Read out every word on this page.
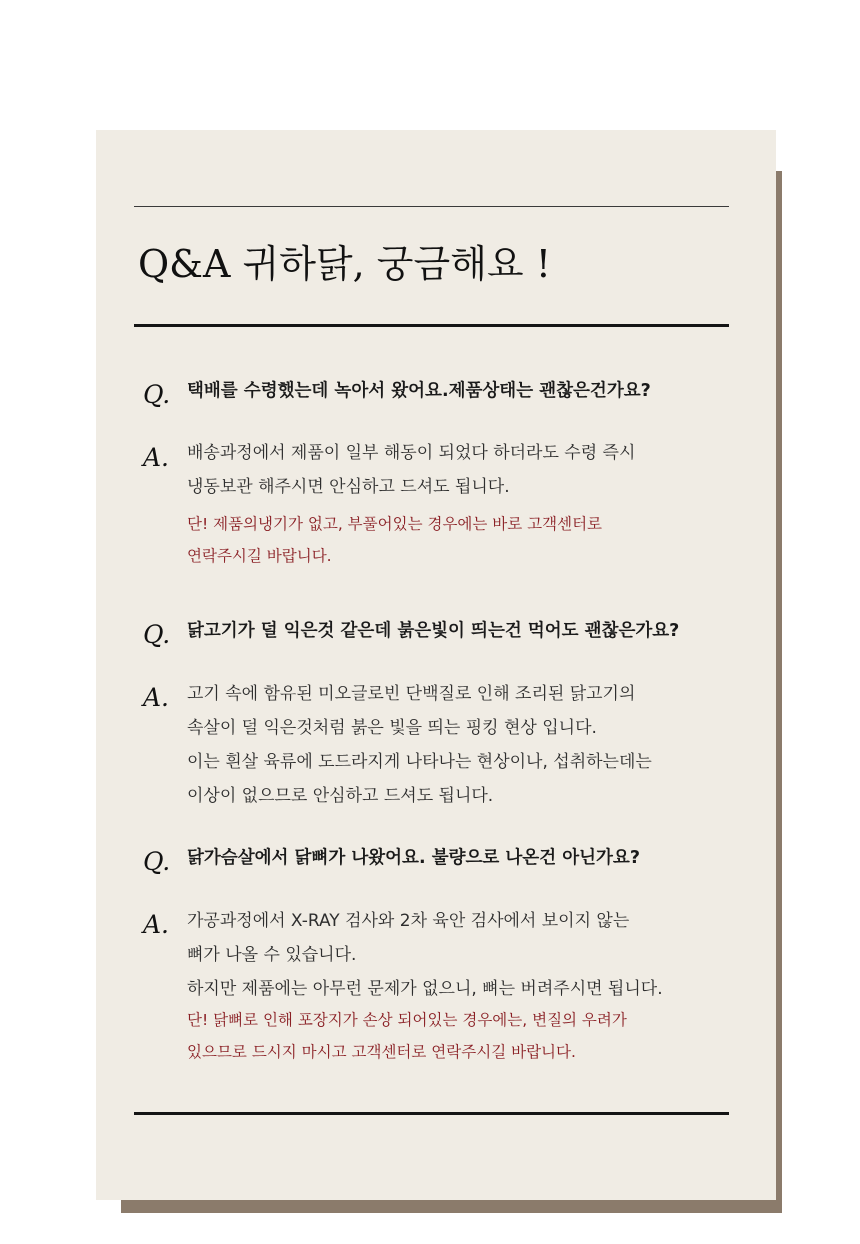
Q&A 귀하닭, 궁금해요 !
Q. 택배를 수령했는데 녹아서 왔어요.제품상태는 괜찮은건가요?
A. 배송과정에서 제품이 일부 해동이 되었다 하더라도 수령 즉시
냉동보관 해주시면 안심하고 드셔도 됩니다.
단! 제품의냉기가 없고, 부풀어있는 경우에는 바로 고객센터로
연락주시길 바랍니다.
Q. 닭고기가 덜 익은것 같은데 붉은빛이 띄는건 먹어도 괜찮은가요?
A. 고기 속에 함유된 미오글로빈 단백질로 인해 조리된 닭고기의
속살이 덜 익은것처럼 붉은 빛을 띄는 핑킹 현상 입니다.
이는 흰살 육류에 도드라지게 나타나는 현상이나, 섭취하는데는
이상이 없으므로 안심하고 드셔도 됩니다.
Q. 닭가슴살에서 닭뼈가 나왔어요. 불량으로 나온건 아닌가요?
A. 가공과정에서 X-RAY 검사와 2차 육안 검사에서 보이지 않는
뼈가 나올 수 있습니다.
하지만 제품에는 아무런 문제가 없으니, 뼈는 버려주시면 됩니다.
단! 닭뼈로 인해 포장지가 손상 되어있는 경우에는, 변질의 우려가
있으므로 드시지 마시고 고객센터로 연락주시길 바랍니다.
